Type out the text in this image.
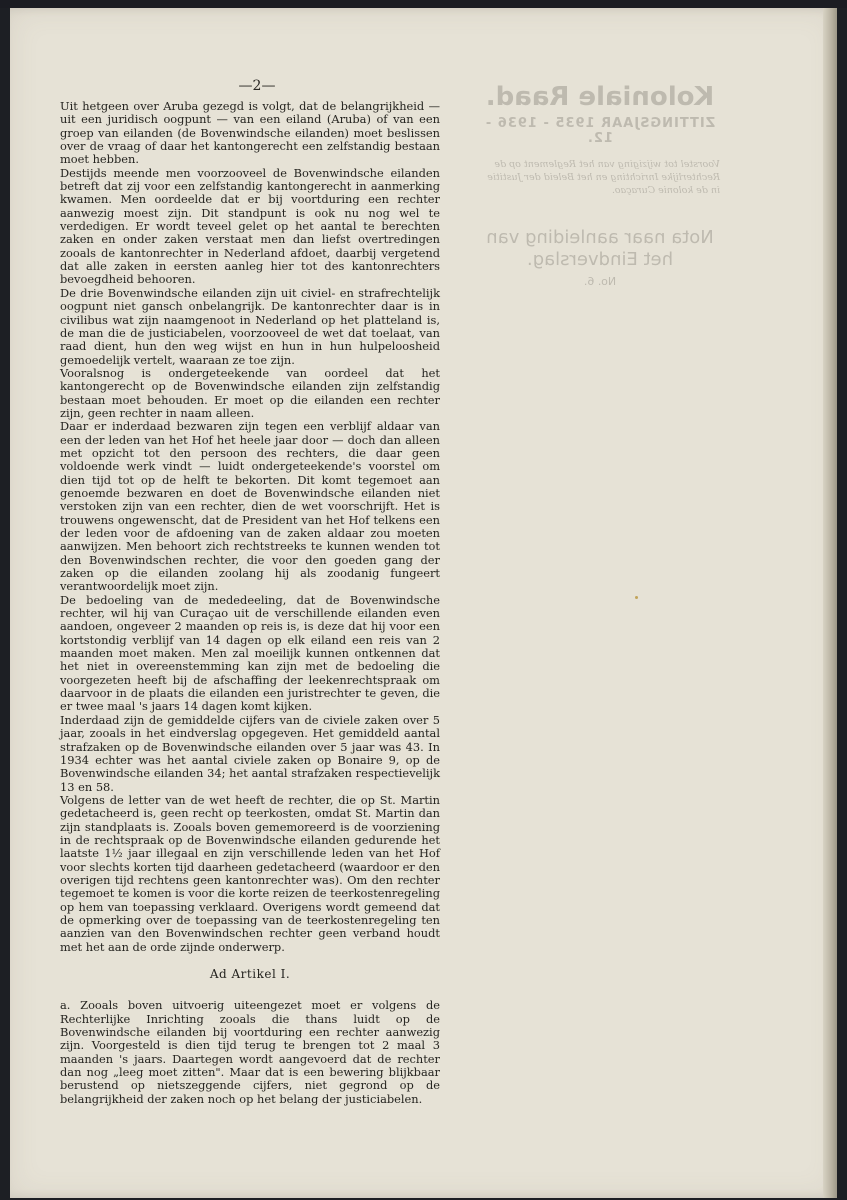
—2—	Koloniale Raad.
ZITTINGSJAAR 1935 - 1936 - 12.
Voorstel tot wijziging van het Reglement op de Rechterlijke Inrichting en het Beleid der Justitie in de kolonie Curaçao.
Nota naar aanleiding van het Eindverslag.
No. 6.

Uit hetgeen over Aruba gezegd is volgt, dat de belangrijkheid — uit een juridisch oogpunt — van een eiland (Aruba) of van een groep van eilanden (de Bovenwindsche eilanden) moet beslissen over de vraag of daar het kantongerecht een zelfstandig bestaan moet hebben.

Destijds meende men voorzooveel de Bovenwindsche eilanden betreft dat zij voor een zelfstandig kantongerecht in aanmerking kwamen. Men oordeelde dat er bij voortduring een rechter aanwezig moest zijn. Dit standpunt is ook nu nog wel te verdedigen. Er wordt teveel gelet op het aantal te berechten zaken en onder zaken verstaat men dan liefst overtredingen zooals de kantonrechter in Nederland afdoet, daarbij vergetend dat alle zaken in eersten aanleg hier tot des kantonrechters bevoegdheid behooren.

De drie Bovenwindsche eilanden zijn uit civiel- en strafrechtelijk oogpunt niet gansch onbelangrijk. De kantonrechter daar is in civilibus wat zijn naamgenoot in Nederland op het platteland is, de man die de justiciabelen, voorzooveel de wet dat toelaat, van raad dient, hun den weg wijst en hun in hun hulpeloosheid gemoedelijk vertelt, waaraan ze toe zijn.

Vooralsnog is ondergeteekende van oordeel dat het kantongerecht op de Bovenwindsche eilanden zijn zelfstandig bestaan moet behouden. Er moet op die eilanden een rechter zijn, geen rechter in naam alleen.

Daar er inderdaad bezwaren zijn tegen een verblijf aldaar van een der leden van het Hof het heele jaar door — doch dan alleen met opzicht tot den persoon des rechters, die daar geen voldoende werk vindt — luidt ondergeteekende's voorstel om dien tijd tot op de helft te bekorten. Dit komt tegemoet aan genoemde bezwaren en doet de Bovenwindsche eilanden niet verstoken zijn van een rechter, dien de wet voorschrijft. Het is trouwens ongewenscht, dat de President van het Hof telkens een der leden voor de afdoening van de zaken aldaar zou moeten aanwijzen. Men behoort zich rechtstreeks te kunnen wenden tot den Bovenwindschen rechter, die voor den goeden gang der zaken op die eilanden zoolang hij als zoodanig fungeert verantwoordelijk moet zijn.

De bedoeling van de mededeeling, dat de Bovenwindsche rechter, wil hij van Curaçao uit de verschillende eilanden even aandoen, ongeveer 2 maanden op reis is, is deze dat hij voor een kortstondig verblijf van 14 dagen op elk eiland een reis van 2 maanden moet maken. Men zal moeilijk kunnen ontkennen dat het niet in overeenstemming kan zijn met de bedoeling die voorgezeten heeft bij de afschaffing der leekenrechtspraak om daarvoor in de plaats die eilanden een juristrechter te geven, die er twee maal 's jaars 14 dagen komt kijken.

Inderdaad zijn de gemiddelde cijfers van de civiele zaken over 5 jaar, zooals in het eindverslag opgegeven. Het gemiddeld aantal strafzaken op de Bovenwindsche eilanden over 5 jaar was 43. In 1934 echter was het aantal civiele zaken op Bonaire 9, op de Bovenwindsche eilanden 34; het aantal strafzaken respectievelijk 13 en 58.

Volgens de letter van de wet heeft de rechter, die op St. Martin gedetacheerd is, geen recht op teerkosten, omdat St. Martin dan zijn standplaats is. Zooals boven gememoreerd is de voorziening in de rechtspraak op de Bovenwindsche eilanden gedurende het laatste 1½ jaar illegaal en zijn verschillende leden van het Hof voor slechts korten tijd daarheen gedetacheerd (waardoor er den overigen tijd rechtens geen kantonrechter was). Om den rechter tegemoet te komen is voor die korte reizen de teerkostenregeling op hem van toepassing verklaard. Overigens wordt gemeend dat de opmerking over de toepassing van de teerkostenregeling ten aanzien van den Bovenwindschen rechter geen verband houdt met het aan de orde zijnde onderwerp.

Ad Artikel I.

a. Zooals boven uitvoerig uiteengezet moet er volgens de Rechterlijke Inrichting zooals die thans luidt op de Bovenwindsche eilanden bij voortduring een rechter aanwezig zijn. Voorgesteld is dien tijd terug te brengen tot 2 maal 3 maanden 's jaars. Daartegen wordt aangevoerd dat de rechter dan nog „leeg moet zitten". Maar dat is een bewering blijkbaar berustend op nietszeggende cijfers, niet gegrond op de belangrijkheid der zaken noch op het belang der justiciabelen.
